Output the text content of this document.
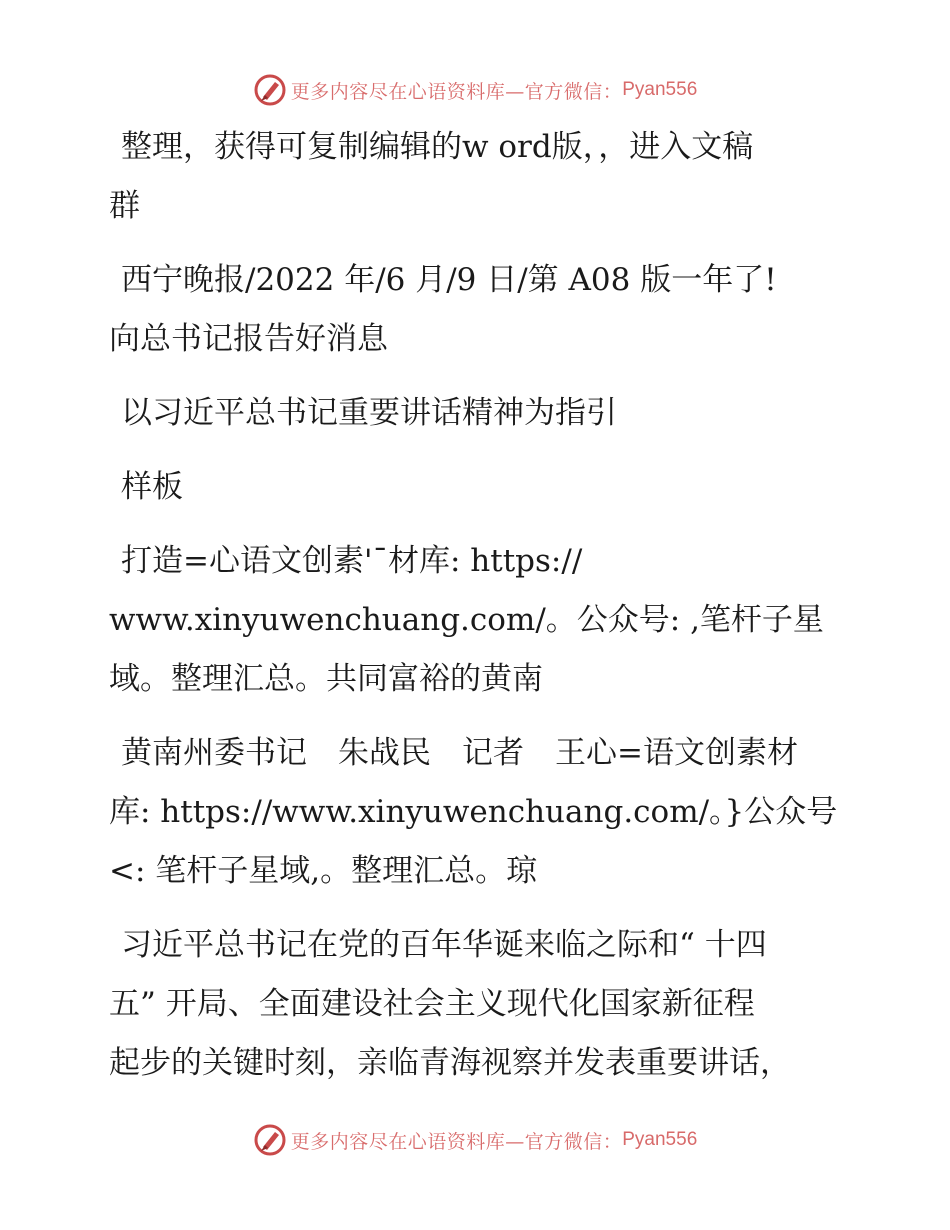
更多内容尽在心语资料库—官方微信： Pyan556

整理，获得可复制编辑的w ord版，，进入文稿
群

西宁晚报/2022 年/6 月/9 日/第 A08 版一年了!
向总书记报告好消息

以习近平总书记重要讲话精神为指引

样板

打造=心语文创素'¯材库: https://
www.xinyuwenchuang.com/。公众号: ,笔杆子星
域。整理汇总。共同富裕的黄南

黄南州委书记　朱战民　记者　王心=语文创素材
库: https://www.xinyuwenchuang.com/。}公众号
<: 笔杆子星域,。整理汇总。琼

习近平总书记在党的百年华诞来临之际和“ 十四
五” 开局、全面建设社会主义现代化国家新征程
起步的关键时刻，亲临青海视察并发表重要讲话，

更多内容尽在心语资料库—官方微信： Pyan556
